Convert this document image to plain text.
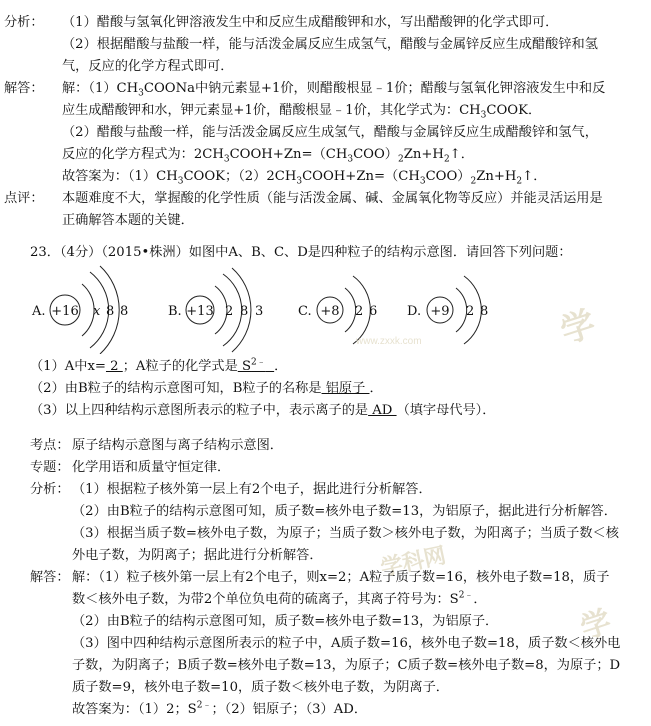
分析： （1）醋酸与氢氧化钾溶液发生中和反应生成醋酸钾和水，写出醋酸钾的化学式即可．
（2）根据醋酸与盐酸一样，能与活泼金属反应生成氢气，醋酸与金属锌反应生成醋酸锌和氢
气，反应的化学方程式即可．
解答： 解：$(1)CH_3COONa$中钠元素显+1价，则醋酸根显﹣1价；醋酸与氢氧化钾溶液发生中和反
应生成醋酸钾和水，钾元素显+1价，醋酸根显﹣1价，其化学式为：$CH_3COOK$．
（2）醋酸与盐酸一样，能与活泼金属反应生成氢气，醋酸与金属锌反应生成醋酸锌和氢气，
反应的化学方程式为：$2CH_3COOH+Zn=(CH_3COO)_2Zn+H_2↑$．
故答案为：$(1)CH_3COOK$；$(2)2CH_3COOH+Zn=(CH_3COO)_2Zn+H_2↑$．
点评： 本题难度不大，掌握酸的化学性质（能与活泼金属、碱、金属氧化物等反应）并能灵活运用是
正确解答本题的关键．
23．（4分）（2015•株洲）如图中A、B、C、D是四种粒子的结构示意图．请回答下列问题：
A. +16 x 8 8	B. +13 2 8 3	C. +8 2 6 D. +9 2 8 学
www.zxxk.com
（1）A中x= 2 ；A粒子的化学式是 $S^{2﹣}$ ．
（2）由B粒子的结构示意图可知，B粒子的名称是 铝原子 ．
（3）以上四种结构示意图所表示的粒子中，表示离子的是 AD （填字母代号）．
考点： 原子结构示意图与离子结构示意图．
专题： 化学用语和质量守恒定律．
分析： （1）根据粒子核外第一层上有2个电子，据此进行分析解答．
（2）由B粒子的结构示意图可知，质子数=核外电子数=13，为铝原子，据此进行分析解答．
（3）根据当质子数=核外电子数，为原子；当质子数＞核外电子数，为阳离子；当质子数＜核
外电子数，为阴离子；据此进行分析解答．	学科网
解答： 解：（1）粒子核外第一层上有2个电子，则x=2；A粒子质子数=16，核外电子数=18，质子
数＜核外电子数，为带2个单位负电荷的硫离子，其离子符号为：$S^{2﹣}$．
（2）由B粒子的结构示意图可知，质子数=核外电子数=13，为铝原子．
（3）图中四种结构示意图所表示的粒子中，A质子数=16，核外电子数=18，质子数＜核外电
子数，为阴离子；B质子数=核外电子数=13，为原子；C质子数=核外电子数=8，为原子；D
质子数=9，核外电子数=10，质子数＜核外电子数，为阴离子．
故答案为：（1）2；$S^{2﹣}$；（2）铝原子；（3）AD．
学
